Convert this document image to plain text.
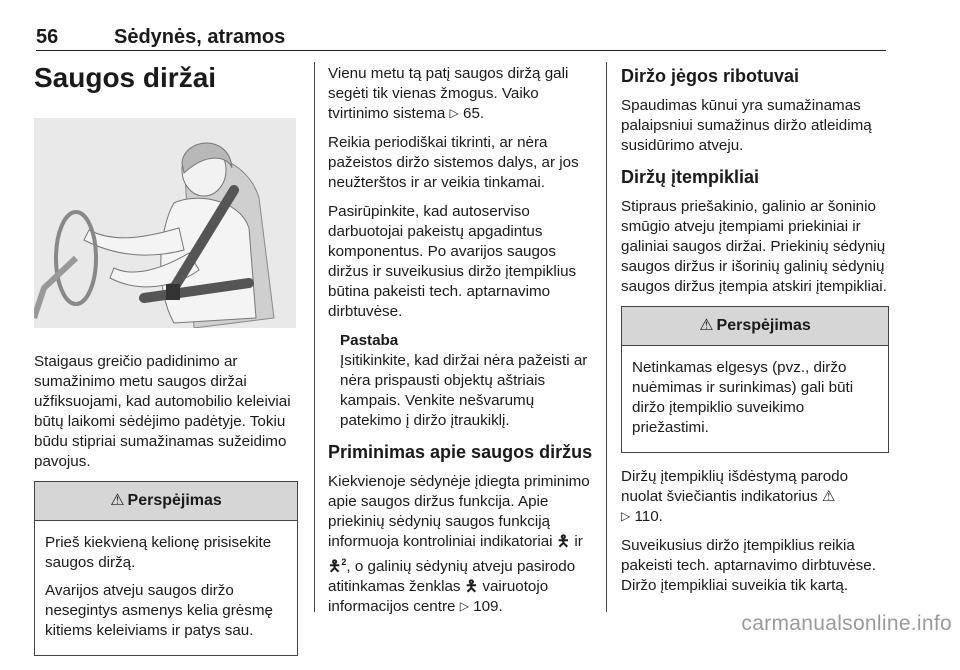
56	Sėdynės, atramos
Saugos diržai

Staigaus greičio padidinimo ar sumažinimo metu saugos diržai užfiksuojami, kad automobilio keleiviai būtų laikomi sėdėjimo padėtyje. Tokiu būdu stipriai sumažinamas sužeidimo pavojus.

⚠ Perspėjimas

Prieš kiekvieną kelionę prisisekite saugos diržą.

Avarijos atveju saugos diržo nesegintys asmenys kelia grėsmę kitiems keleiviams ir patys sau.

Vienu metu tą patį saugos diržą gali segėti tik vienas žmogus. Vaiko tvirtinimo sistema ▷ 65.

Reikia periodiškai tikrinti, ar nėra pažeistos diržo sistemos dalys, ar jos neužterštos ir ar veikia tinkamai.

Pasirūpinkite, kad autoserviso darbuotojai pakeistų apgadintus komponentus. Po avarijos saugos diržus ir suveikusius diržo įtempiklius būtina pakeisti tech. aptarnavimo dirbtuvėse.

Pastaba
Įsitikinkite, kad diržai nėra pažeisti ar nėra prispausti objektų aštriais kampais. Venkite nešvarumų patekimo į diržo įtraukiklį.
Priminimas apie saugos diržus

Kiekvienoje sėdynėje įdiegta priminimo apie saugos diržus funkcija. Apie priekinių sėdynių saugos funkciją informuoja kontroliniai indikatoriai 🯅 ir 🯅$^2$, o galinių sėdynių atveju pasirodo atitinkamas ženklas 🯅 vairuotojo informacijos centre ▷ 109.

Diržo jėgos ribotuvai

Spaudimas kūnui yra sumažinamas palaipsniui sumažinus diržo atleidimą susidūrimo atveju.

Diržų įtempikliai

Stipraus priešakinio, galinio ar šoninio smūgio atveju įtempiami priekiniai ir galiniai saugos diržai. Priekinių sėdynių saugos diržus ir išorinių galinių sėdynių saugos diržus įtempia atskiri įtempikliai.

⚠ Perspėjimas

Netinkamas elgesys (pvz., diržo nuėmimas ir surinkimas) gali būti diržo įtempiklio suveikimo priežastimi.

Diržų įtempiklių išdėstymą parodo nuolat šviečiantis indikatorius ⚠
▷ 110.

Suveikusius diržo įtempiklius reikia pakeisti tech. aptarnavimo dirbtuvėse. Diržo įtempikliai suveikia tik kartą.

carmanualsonline.info
